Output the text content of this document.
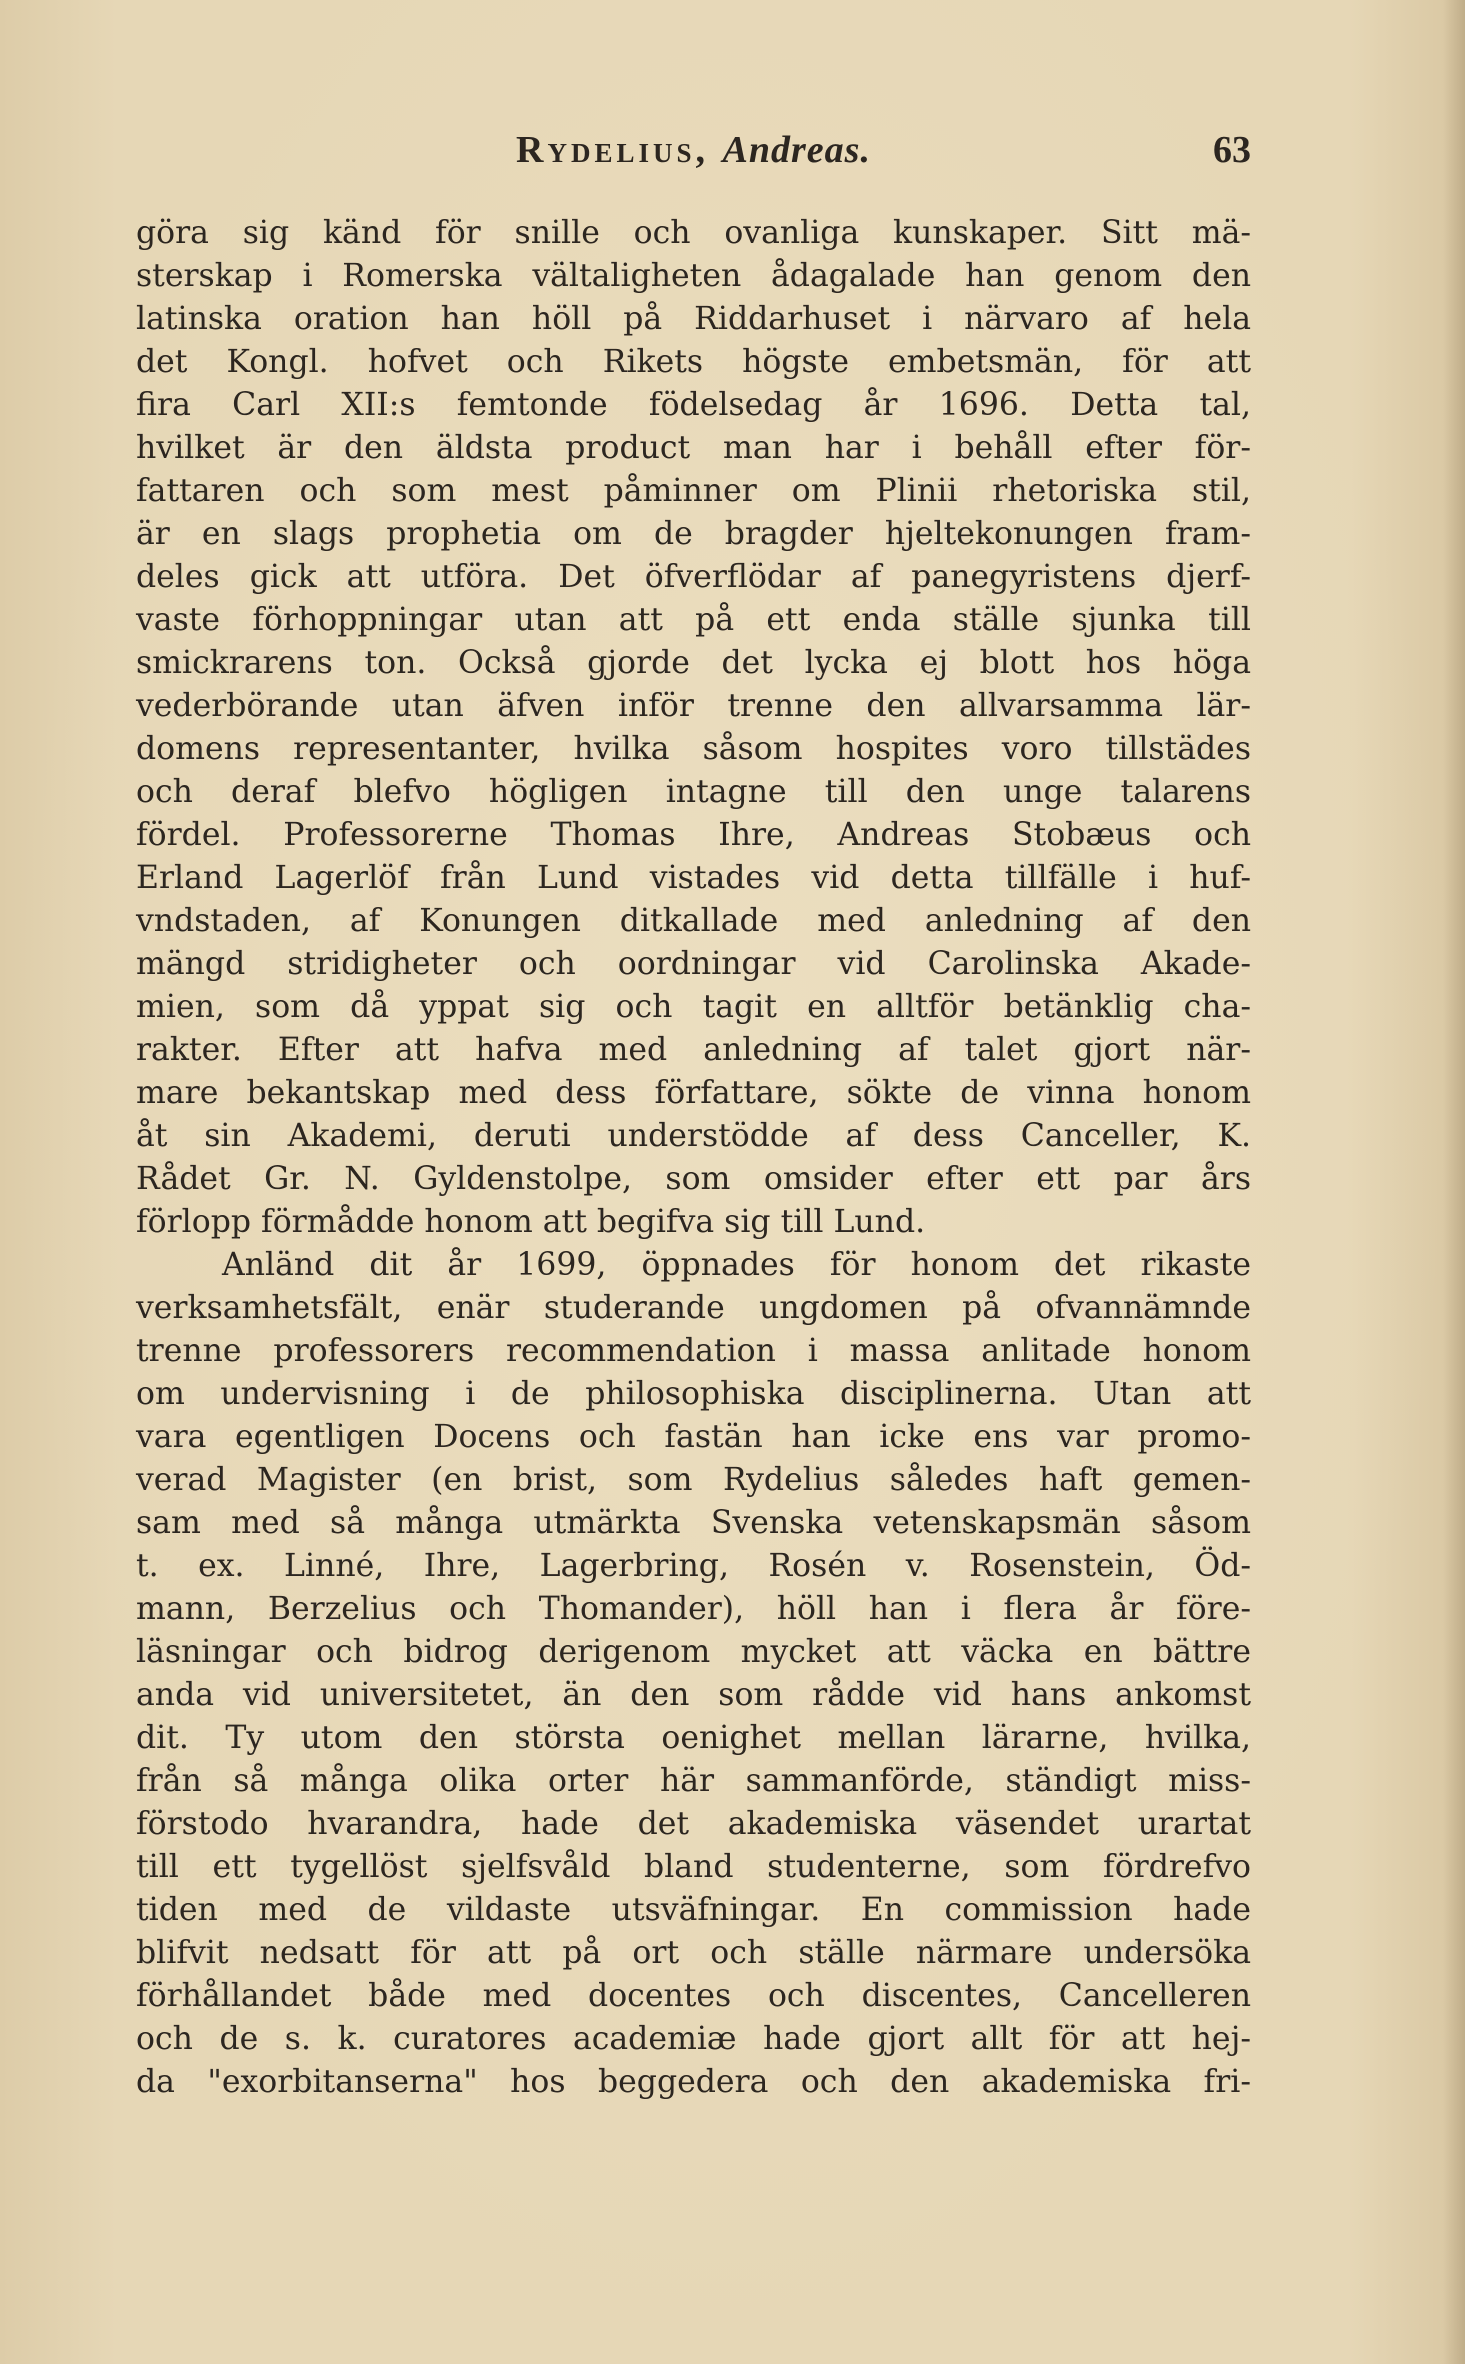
Rydelius, Andreas.	63
göra sig känd för snille och ovanliga kunskaper. Sitt mä-
sterskap i Romerska vältaligheten ådagalade han genom den
latinska oration han höll på Riddarhuset i närvaro af hela
det Kongl. hofvet och Rikets högste embetsmän, för att
fira Carl XII:s femtonde födelsedag år 1696. Detta tal,
hvilket är den äldsta product man har i behåll efter för-
fattaren och som mest påminner om Plinii rhetoriska stil,
är en slags prophetia om de bragder hjeltekonungen fram-
deles gick att utföra. Det öfverflödar af panegyristens djerf-
vaste förhoppningar utan att på ett enda ställe sjunka till
smickrarens ton. Också gjorde det lycka ej blott hos höga
vederbörande utan äfven inför trenne den allvarsamma lär-
domens representanter, hvilka såsom hospites voro tillstädes
och deraf blefvo högligen intagne till den unge talarens
fördel. Professorerne Thomas Ihre, Andreas Stobæus och
Erland Lagerlöf från Lund vistades vid detta tillfälle i huf-
vndstaden, af Konungen ditkallade med anledning af den
mängd stridigheter och oordningar vid Carolinska Akade-
mien, som då yppat sig och tagit en alltför betänklig cha-
rakter. Efter att hafva med anledning af talet gjort när-
mare bekantskap med dess författare, sökte de vinna honom
åt sin Akademi, deruti understödde af dess Canceller, K.
Rådet Gr. N. Gyldenstolpe, som omsider efter ett par års
förlopp förmådde honom att begifva sig till Lund.
Anländ dit år 1699, öppnades för honom det rikaste
verksamhetsfält, enär studerande ungdomen på ofvannämnde
trenne professorers recommendation i massa anlitade honom
om undervisning i de philosophiska disciplinerna. Utan att
vara egentligen Docens och fastän han icke ens var promo-
verad Magister (en brist, som Rydelius således haft gemen-
sam med så många utmärkta Svenska vetenskapsmän såsom
t. ex. Linné, Ihre, Lagerbring, Rosén v. Rosenstein, Öd-
mann, Berzelius och Thomander), höll han i flera år före-
läsningar och bidrog derigenom mycket att väcka en bättre
anda vid universitetet, än den som rådde vid hans ankomst
dit. Ty utom den största oenighet mellan lärarne, hvilka,
från så många olika orter här sammanförde, ständigt miss-
förstodo hvarandra, hade det akademiska väsendet urartat
till ett tygellöst sjelfsvåld bland studenterne, som fördrefvo
tiden med de vildaste utsväfningar. En commission hade
blifvit nedsatt för att på ort och ställe närmare undersöka
förhållandet både med docentes och discentes, Cancelleren
och de s. k. curatores academiæ hade gjort allt för att hej-
da "exorbitanserna" hos beggedera och den akademiska fri-
